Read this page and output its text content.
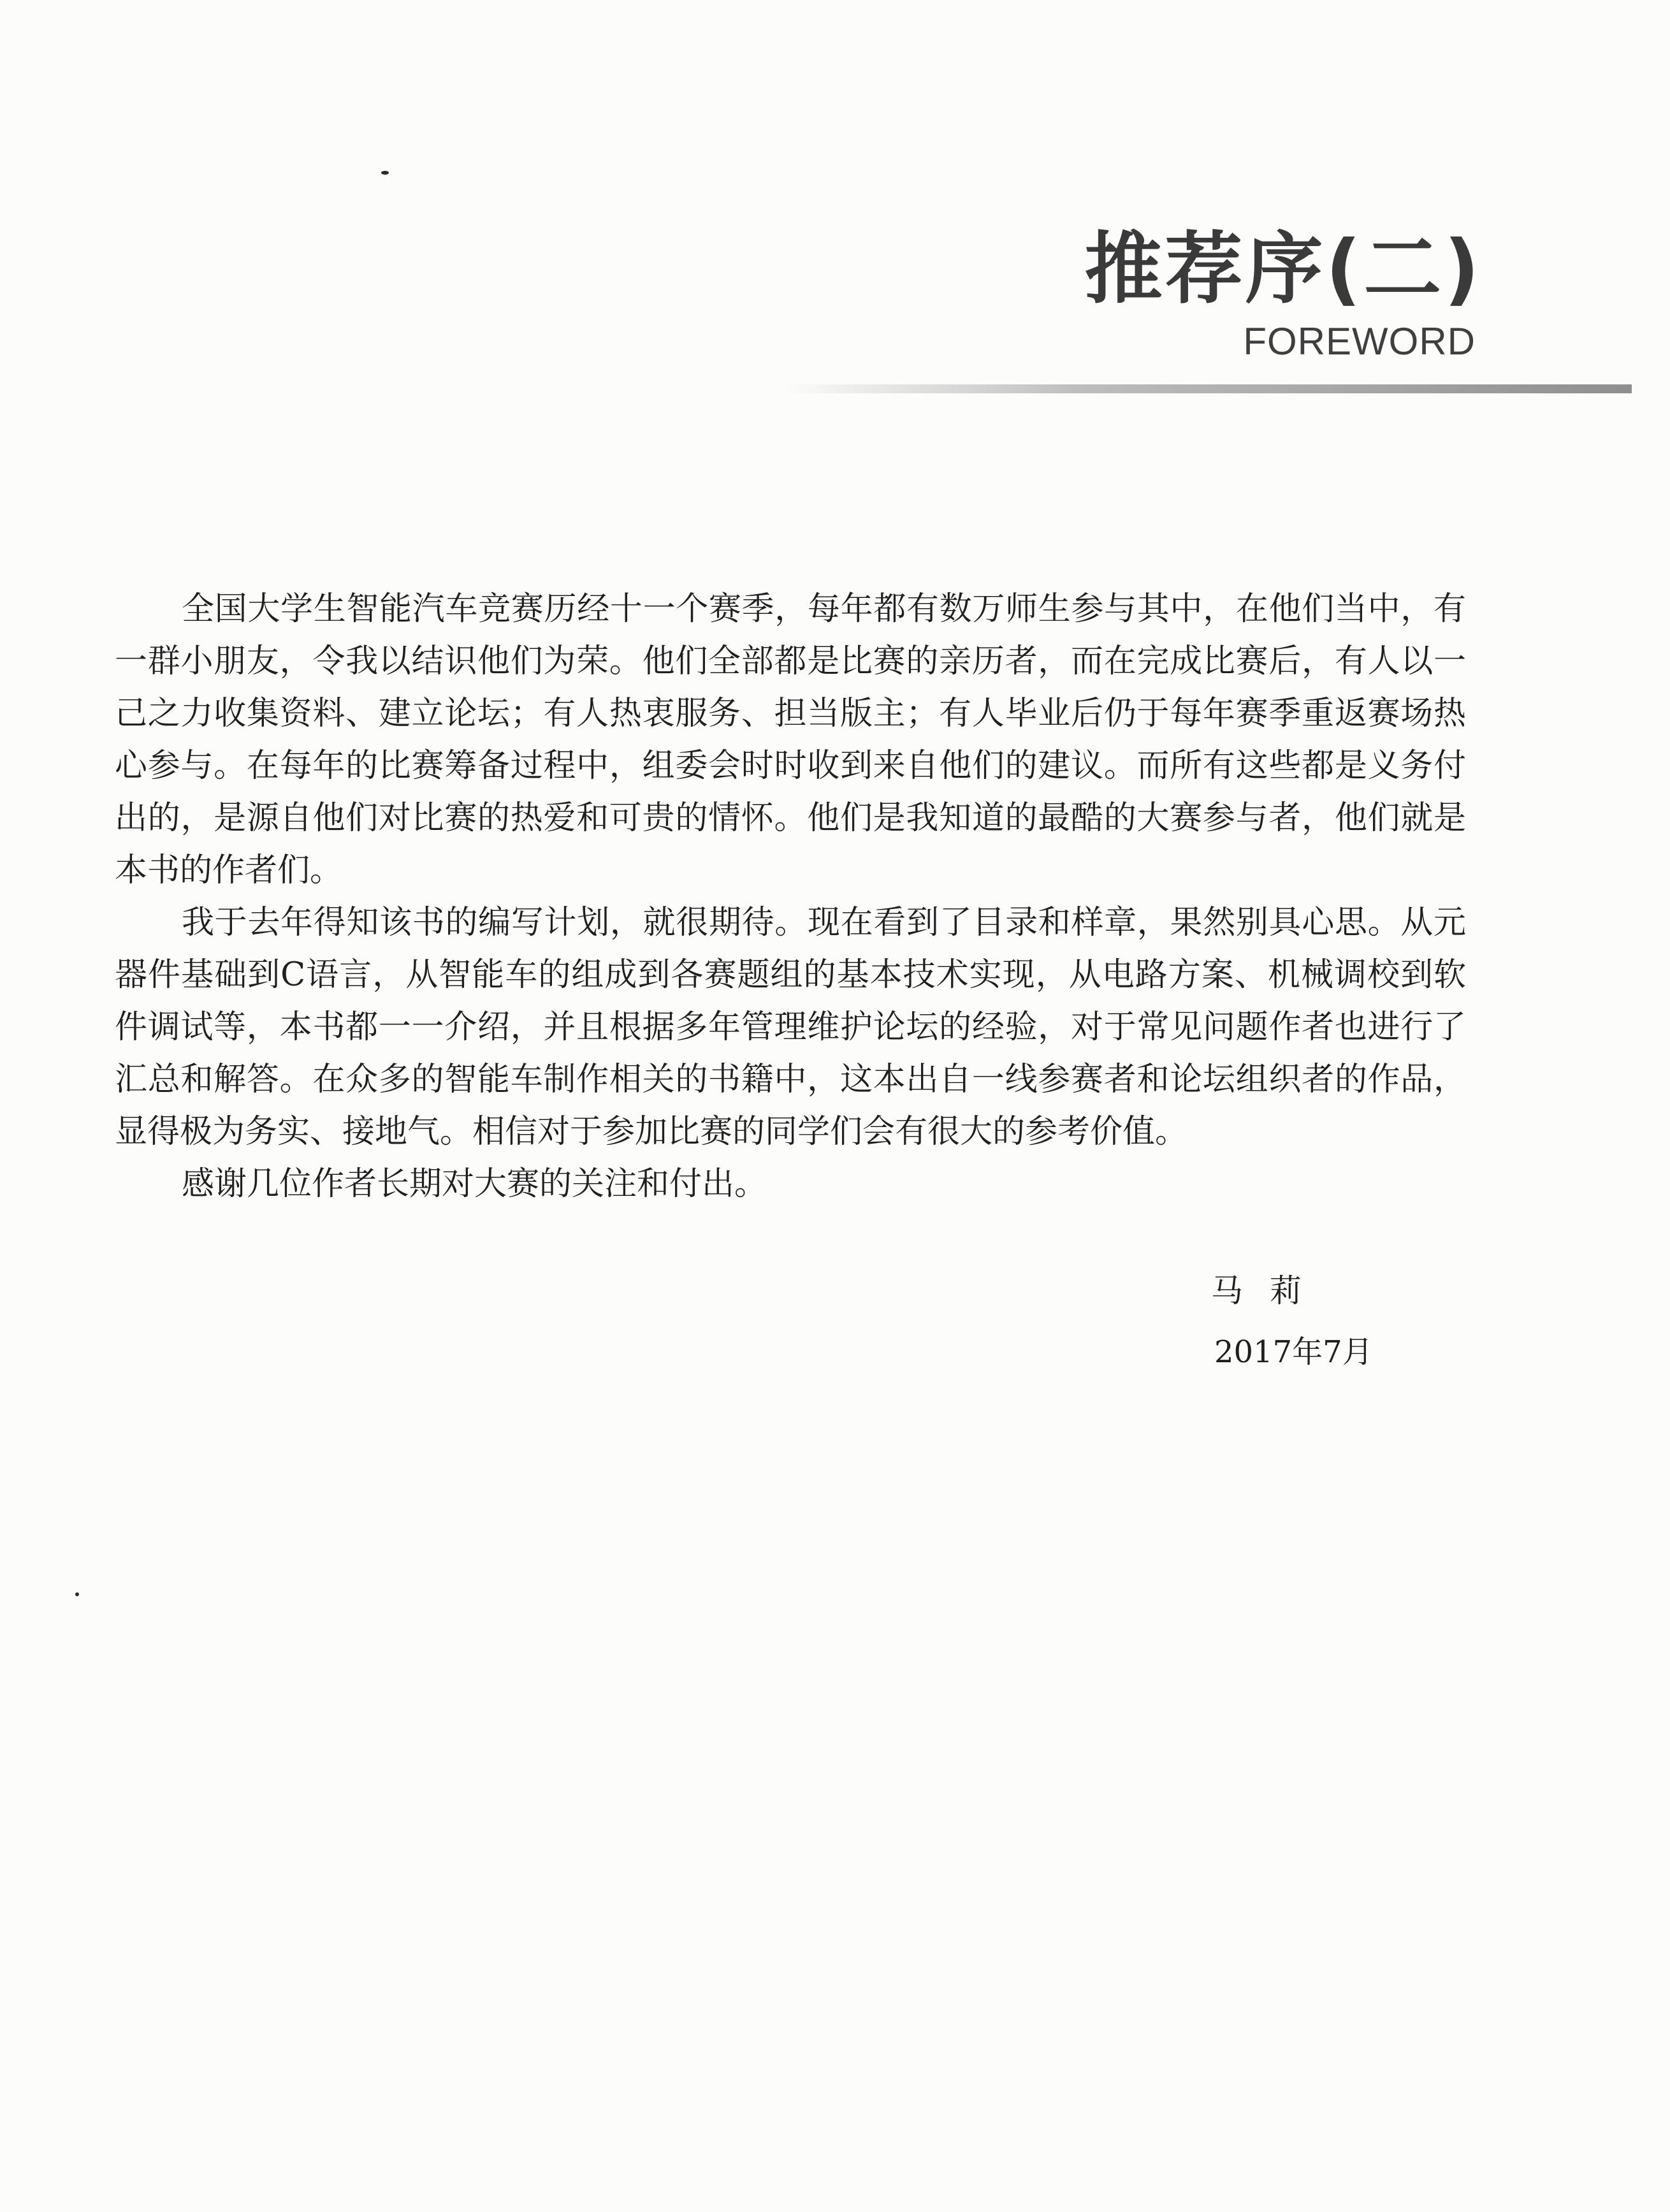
推荐序(二)
FOREWORD

全国大学生智能汽车竞赛历经十一个赛季，每年都有数万师生参与其中，在他们当中，有一群小朋友，令我以结识他们为荣。他们全部都是比赛的亲历者，而在完成比赛后，有人以一己之力收集资料、建立论坛；有人热衷服务、担当版主；有人毕业后仍于每年赛季重返赛场热心参与。在每年的比赛筹备过程中，组委会时时收到来自他们的建议。而所有这些都是义务付出的，是源自他们对比赛的热爱和可贵的情怀。他们是我知道的最酷的大赛参与者，他们就是本书的作者们。

我于去年得知该书的编写计划，就很期待。现在看到了目录和样章，果然别具心思。从元器件基础到C语言，从智能车的组成到各赛题组的基本技术实现，从电路方案、机械调校到软件调试等，本书都一一介绍，并且根据多年管理维护论坛的经验，对于常见问题作者也进行了汇总和解答。在众多的智能车制作相关的书籍中，这本出自一线参赛者和论坛组织者的作品，显得极为务实、接地气。相信对于参加比赛的同学们会有很大的参考价值。

感谢几位作者长期对大赛的关注和付出。

马莉
2017年7月
